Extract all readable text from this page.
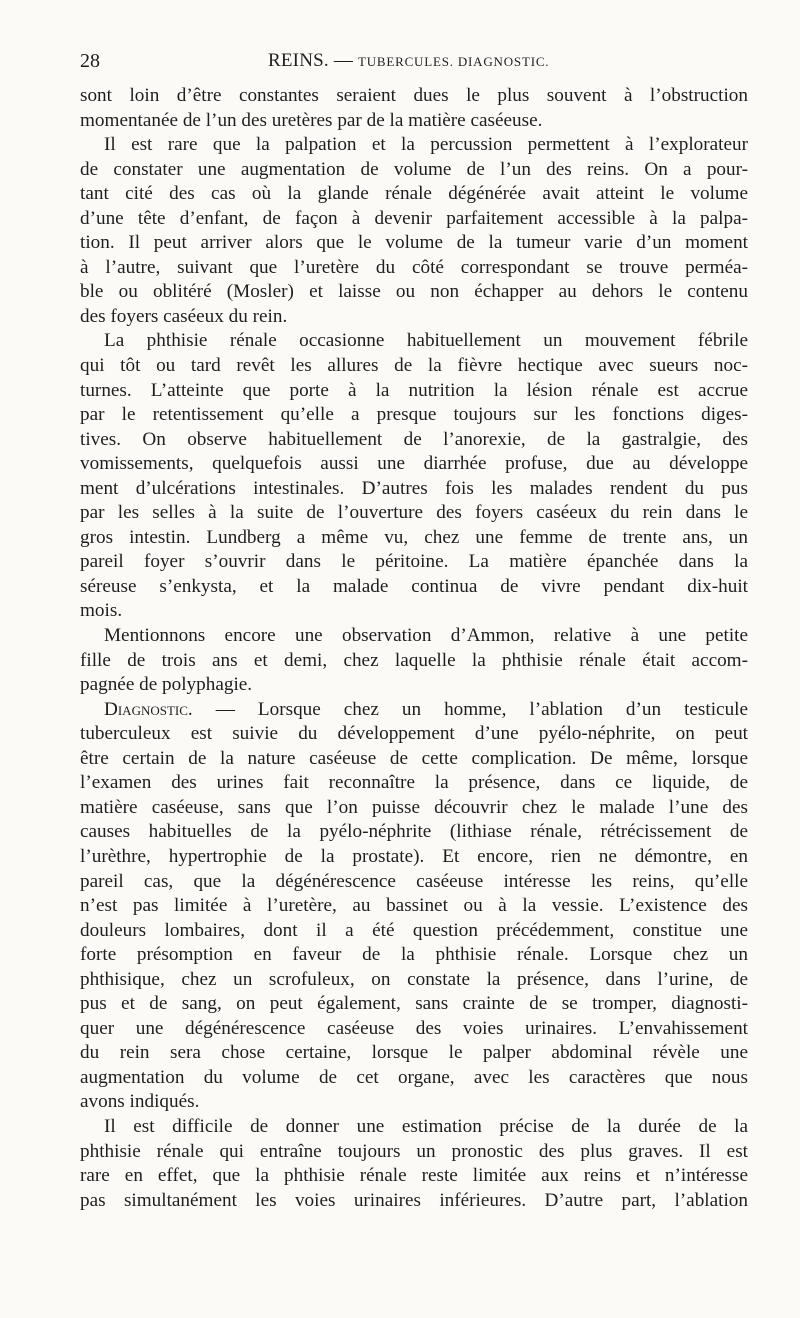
28	REINS. — TUBERCULES. DIAGNOSTIC.
sont loin d’être constantes seraient dues le plus souvent à l’obstruction
momentanée de l’un des uretères par de la matière caséeuse.
Il est rare que la palpation et la percussion permettent à l’explorateur
de constater une augmentation de volume de l’un des reins. On a pour-
tant cité des cas où la glande rénale dégénérée avait atteint le volume
d’une tête d’enfant, de façon à devenir parfaitement accessible à la palpa-
tion. Il peut arriver alors que le volume de la tumeur varie d’un moment
à l’autre, suivant que l’uretère du côté correspondant se trouve perméa-
ble ou oblitéré (Mosler) et laisse ou non échapper au dehors le contenu
des foyers caséeux du rein.
La phthisie rénale occasionne habituellement un mouvement fébrile
qui tôt ou tard revêt les allures de la fièvre hectique avec sueurs noc-
turnes. L’atteinte que porte à la nutrition la lésion rénale est accrue
par le retentissement qu’elle a presque toujours sur les fonctions diges-
tives. On observe habituellement de l’anorexie, de la gastralgie, des
vomissements, quelquefois aussi une diarrhée profuse, due au développe
ment d’ulcérations intestinales. D’autres fois les malades rendent du pus
par les selles à la suite de l’ouverture des foyers caséeux du rein dans le
gros intestin. Lundberg a même vu, chez une femme de trente ans, un
pareil foyer s’ouvrir dans le péritoine. La matière épanchée dans la
séreuse s’enkysta, et la malade continua de vivre pendant dix-huit
mois.
Mentionnons encore une observation d’Ammon, relative à une petite
fille de trois ans et demi, chez laquelle la phthisie rénale était accom-
pagnée de polyphagie.
Diagnostic. — Lorsque chez un homme, l’ablation d’un testicule
tuberculeux est suivie du développement d’une pyélo-néphrite, on peut
être certain de la nature caséeuse de cette complication. De même, lorsque
l’examen des urines fait reconnaître la présence, dans ce liquide, de
matière caséeuse, sans que l’on puisse découvrir chez le malade l’une des
causes habituelles de la pyélo-néphrite (lithiase rénale, rétrécissement de
l’urèthre, hypertrophie de la prostate). Et encore, rien ne démontre, en
pareil cas, que la dégénérescence caséeuse intéresse les reins, qu’elle
n’est pas limitée à l’uretère, au bassinet ou à la vessie. L’existence des
douleurs lombaires, dont il a été question précédemment, constitue une
forte présomption en faveur de la phthisie rénale. Lorsque chez un
phthisique, chez un scrofuleux, on constate la présence, dans l’urine, de
pus et de sang, on peut également, sans crainte de se tromper, diagnosti-
quer une dégénérescence caséeuse des voies urinaires. L’envahissement
du rein sera chose certaine, lorsque le palper abdominal révèle une
augmentation du volume de cet organe, avec les caractères que nous
avons indiqués.
Il est difficile de donner une estimation précise de la durée de la
phthisie rénale qui entraîne toujours un pronostic des plus graves. Il est
rare en effet, que la phthisie rénale reste limitée aux reins et n’intéresse
pas simultanément les voies urinaires inférieures. D’autre part, l’ablation
